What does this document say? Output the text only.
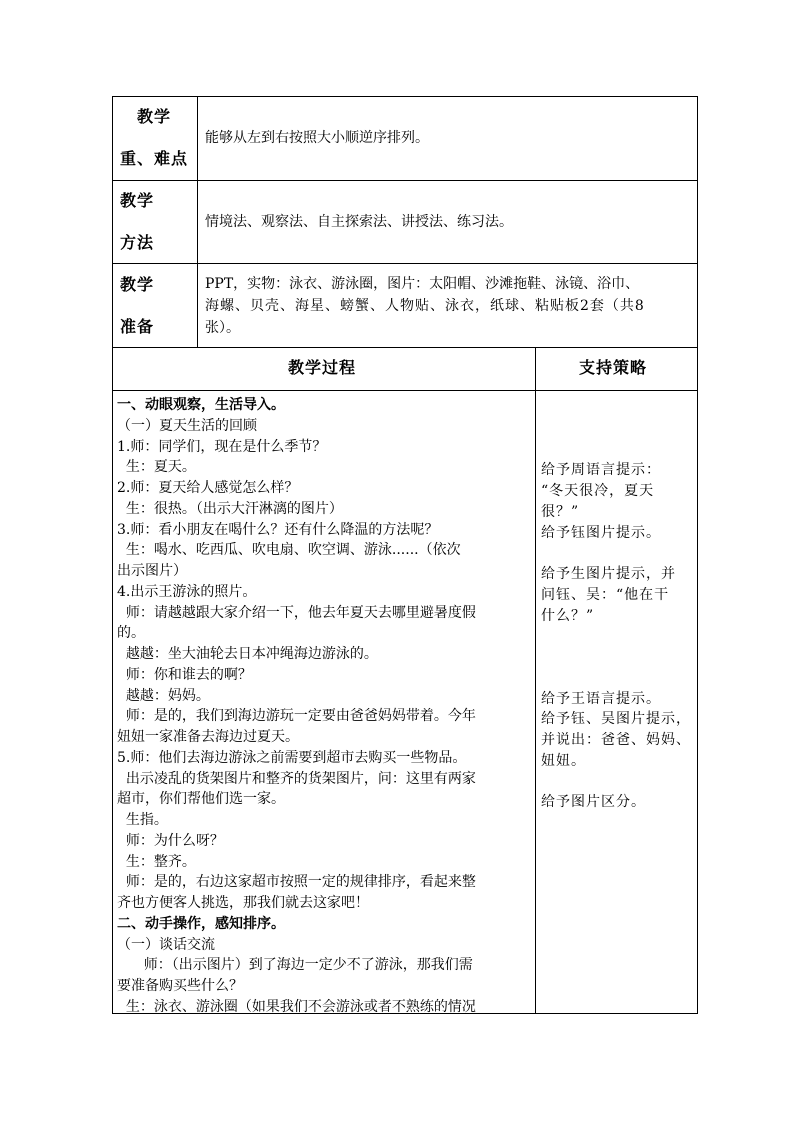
教学
重、难点
能够从左到右按照大小顺逆序排列。
教学
方法
情境法、观察法、自主探索法、讲授法、练习法。
教学
准备
PPT，实物：泳衣、游泳圈，图片：太阳帽、沙滩拖鞋、泳镜、浴巾、
海螺、贝壳、海星、螃蟹、人物贴、泳衣，纸球、粘贴板2套（共8
张）。
教学过程	支持策略
一、动眼观察，生活导入。
（一）夏天生活的回顾
1.师：同学们，现在是什么季节？
生：夏天。
2.师：夏天给人感觉怎么样？
生：很热。（出示大汗淋漓的图片）
3.师：看小朋友在喝什么？还有什么降温的方法呢？
生：喝水、吃西瓜、吹电扇、吹空调、游泳......（依次
出示图片）
4.出示王游泳的照片。
师：请越越跟大家介绍一下，他去年夏天去哪里避暑度假
的。
越越：坐大油轮去日本冲绳海边游泳的。
师：你和谁去的啊？
越越：妈妈。
师：是的，我们到海边游玩一定要由爸爸妈妈带着。今年
妞妞一家准备去海边过夏天。
5.师：他们去海边游泳之前需要到超市去购买一些物品。
出示凌乱的货架图片和整齐的货架图片，问：这里有两家
超市，你们帮他们选一家。
生指。
师：为什么呀？
生：整齐。
师：是的，右边这家超市按照一定的规律排序，看起来整
齐也方便客人挑选，那我们就去这家吧！
二、动手操作，感知排序。
（一）谈话交流
师：（出示图片）到了海边一定少不了游泳，那我们需
要准备购买些什么？
生：泳衣、游泳圈（如果我们不会游泳或者不熟练的情况
给予周语言提示：
“冬天很冷，夏天
很？”
给予钰图片提示。
给予生图片提示，并
问钰、吴：“他在干
什么？”
给予王语言提示。
给予钰、吴图片提示，
并说出：爸爸、妈妈、
妞妞。
给予图片区分。
